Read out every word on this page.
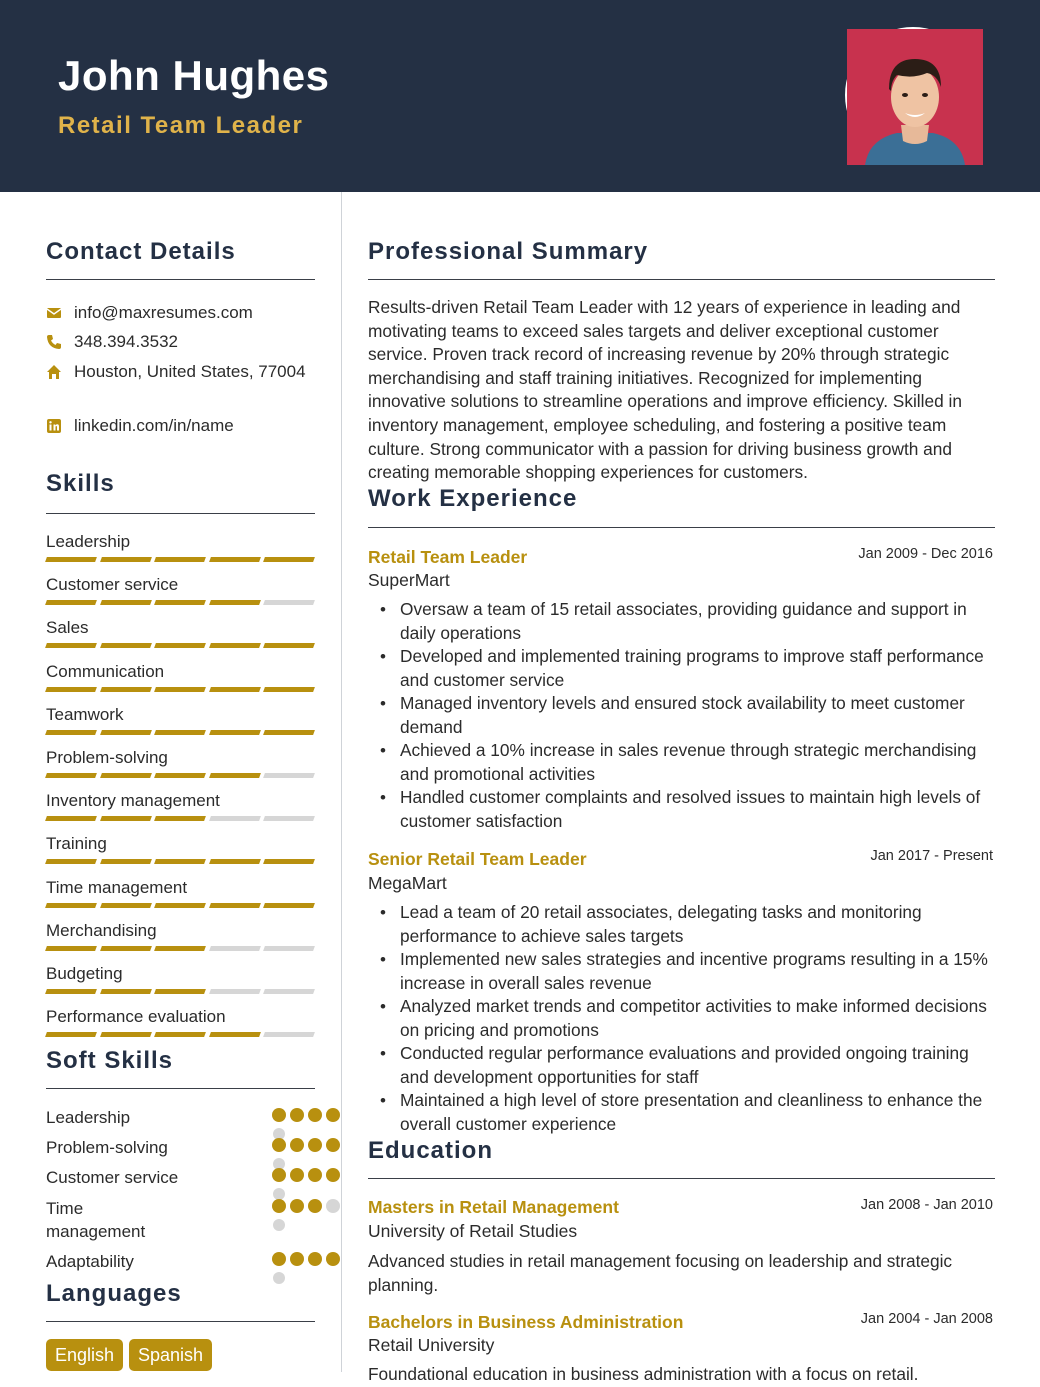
John Hughes
Retail Team Leader
Contact Details
info@maxresumes.com
348.394.3532
Houston, United States, 77004
linkedin.com/in/name
Skills
Leadership
Customer service
Sales
Communication
Teamwork
Problem-solving
Inventory management
Training
Time management
Merchandising
Budgeting
Performance evaluation
Soft Skills
Leadership
Problem-solving
Customer service
Time management
Adaptability
Languages
English	Spanish
Professional Summary
Results-driven Retail Team Leader with 12 years of experience in leading and motivating teams to exceed sales targets and deliver exceptional customer service. Proven track record of increasing revenue by 20% through strategic merchandising and staff training initiatives. Recognized for implementing innovative solutions to streamline operations and improve efficiency. Skilled in inventory management, employee scheduling, and fostering a positive team culture. Strong communicator with a passion for driving business growth and creating memorable shopping experiences for customers.
Work Experience
Retail Team Leader	Jan 2009 - Dec 2016
SuperMart
• Oversaw a team of 15 retail associates, providing guidance and support in daily operations
• Developed and implemented training programs to improve staff performance and customer service
• Managed inventory levels and ensured stock availability to meet customer demand
• Achieved a 10% increase in sales revenue through strategic merchandising and promotional activities
• Handled customer complaints and resolved issues to maintain high levels of customer satisfaction
Senior Retail Team Leader	Jan 2017 - Present
MegaMart
• Lead a team of 20 retail associates, delegating tasks and monitoring performance to achieve sales targets
• Implemented new sales strategies and incentive programs resulting in a 15% increase in overall sales revenue
• Analyzed market trends and competitor activities to make informed decisions on pricing and promotions
• Conducted regular performance evaluations and provided ongoing training and development opportunities for staff
• Maintained a high level of store presentation and cleanliness to enhance the overall customer experience
Education
Masters in Retail Management	Jan 2008 - Jan 2010
University of Retail Studies
Advanced studies in retail management focusing on leadership and strategic planning.
Bachelors in Business Administration	Jan 2004 - Jan 2008
Retail University
Foundational education in business administration with a focus on retail.
